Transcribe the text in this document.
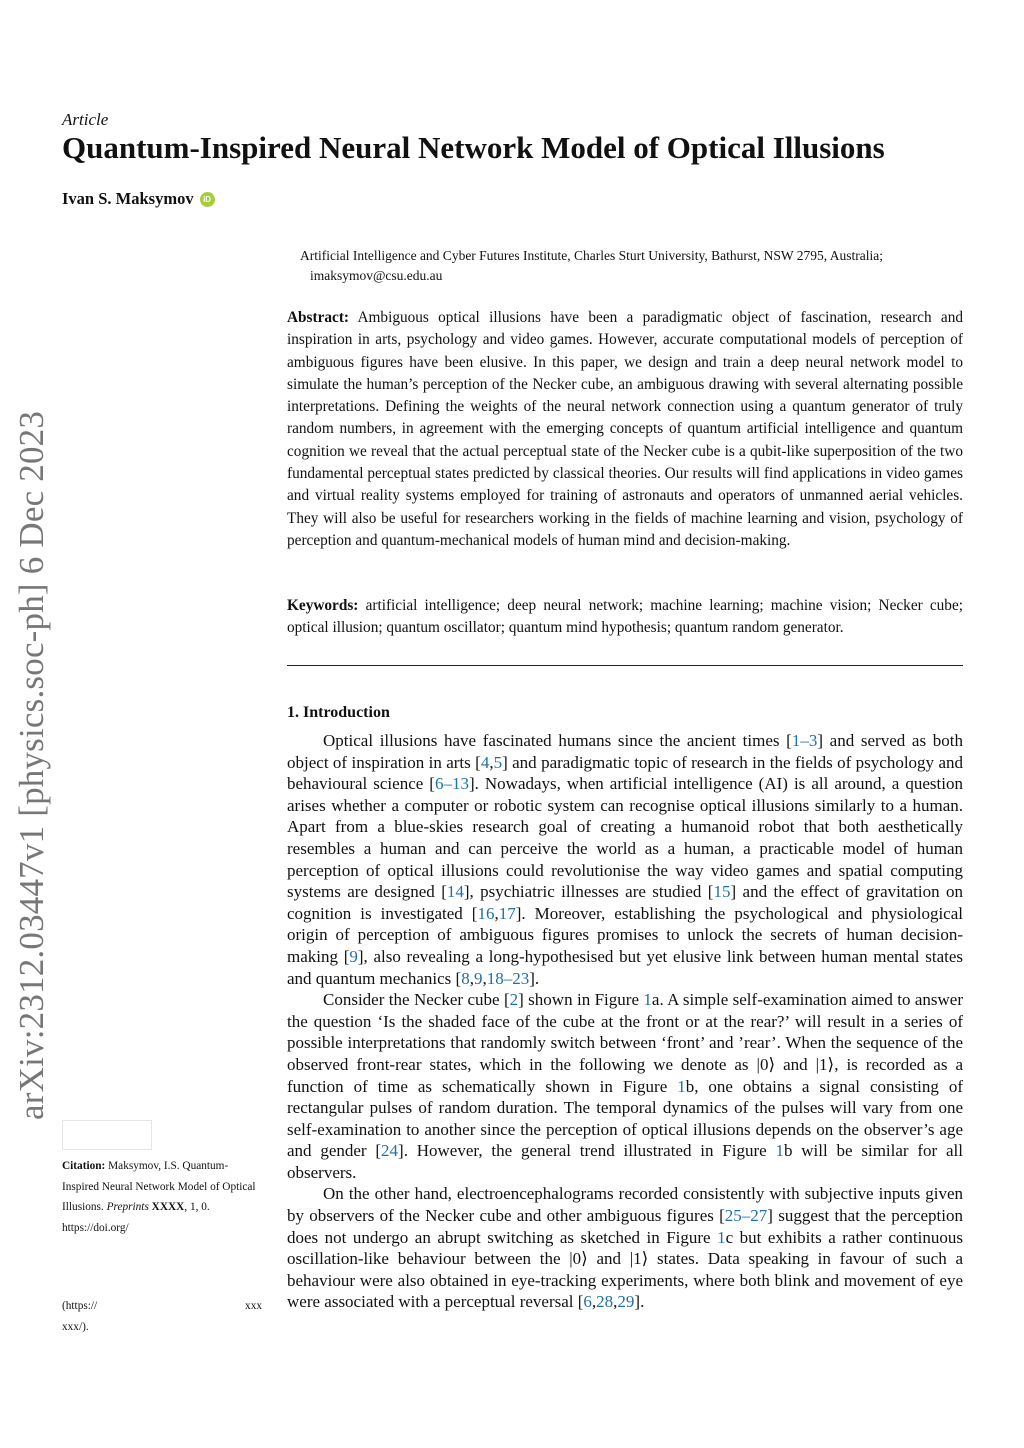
arXiv:2312.03447v1 [physics.soc-ph] 6 Dec 2023
Article
Quantum-Inspired Neural Network Model of Optical Illusions
Ivan S. Maksymov	iD
Artificial Intelligence and Cyber Futures Institute, Charles Sturt University, Bathurst, NSW 2795, Australia;
imaksymov@csu.edu.au

Abstract: Ambiguous optical illusions have been a paradigmatic object of fascination, research and inspiration in arts, psychology and video games. However, accurate computational models of perception of ambiguous figures have been elusive. In this paper, we design and train a deep neural network model to simulate the human’s perception of the Necker cube, an ambiguous drawing with several alternating possible interpretations. Defining the weights of the neural network connection using a quantum generator of truly random numbers, in agreement with the emerging concepts of quantum artificial intelligence and quantum cognition we reveal that the actual perceptual state of the Necker cube is a qubit-like superposition of the two fundamental perceptual states predicted by classical theories. Our results will find applications in video games and virtual reality systems employed for training of astronauts and operators of unmanned aerial vehicles. They will also be useful for researchers working in the fields of machine learning and vision, psychology of perception and quantum-mechanical models of human mind and decision-making.

Keywords: artificial intelligence; deep neural network; machine learning; machine vision; Necker cube; optical illusion; quantum oscillator; quantum mind hypothesis; quantum random generator.

1. Introduction

Optical illusions have fascinated humans since the ancient times [1–3] and served as both object of inspiration in arts [4,5] and paradigmatic topic of research in the fields of psychology and behavioural science [6–13]. Nowadays, when artificial intelligence (AI) is all around, a question arises whether a computer or robotic system can recognise optical illusions similarly to a human. Apart from a blue-skies research goal of creating a humanoid robot that both aesthetically resembles a human and can perceive the world as a human, a practicable model of human perception of optical illusions could revolutionise the way video games and spatial computing systems are designed [14], psychiatric illnesses are studied [15] and the effect of gravitation on cognition is investigated [16,17]. Moreover, establishing the psychological and physiological origin of perception of ambiguous figures promises to unlock the secrets of human decision-making [9], also revealing a long-hypothesised but yet elusive link between human mental states and quantum mechanics [8,9,18–23].

Consider the Necker cube [2] shown in Figure 1a. A simple self-examination aimed to answer the question ‘Is the shaded face of the cube at the front or at the rear?’ will result in a series of possible interpretations that randomly switch between ‘front’ and ’rear’. When the sequence of the observed front-rear states, which in the following we denote as |0⟩ and |1⟩, is recorded as a function of time as schematically shown in Figure 1b, one obtains a signal consisting of rectangular pulses of random duration. The temporal dynamics of the pulses will vary from one self-examination to another since the perception of optical illusions depends on the observer’s age and gender [24]. However, the general trend illustrated in Figure 1b will be similar for all observers.

On the other hand, electroencephalograms recorded consistently with subjective inputs given by observers of the Necker cube and other ambiguous figures [25–27] suggest that the perception does not undergo an abrupt switching as sketched in Figure 1c but exhibits a rather continuous oscillation-like behaviour between the |0⟩ and |1⟩ states. Data speaking in favour of such a behaviour were also obtained in eye-tracking experiments, where both blink and movement of eye were associated with a perceptual reversal [6,28,29].

Citation: Maksymov, I.S. Quantum-Inspired Neural Network Model of Optical Illusions. Preprints XXXX, 1, 0. https://doi.org/
(https://	xxx
xxx/).
